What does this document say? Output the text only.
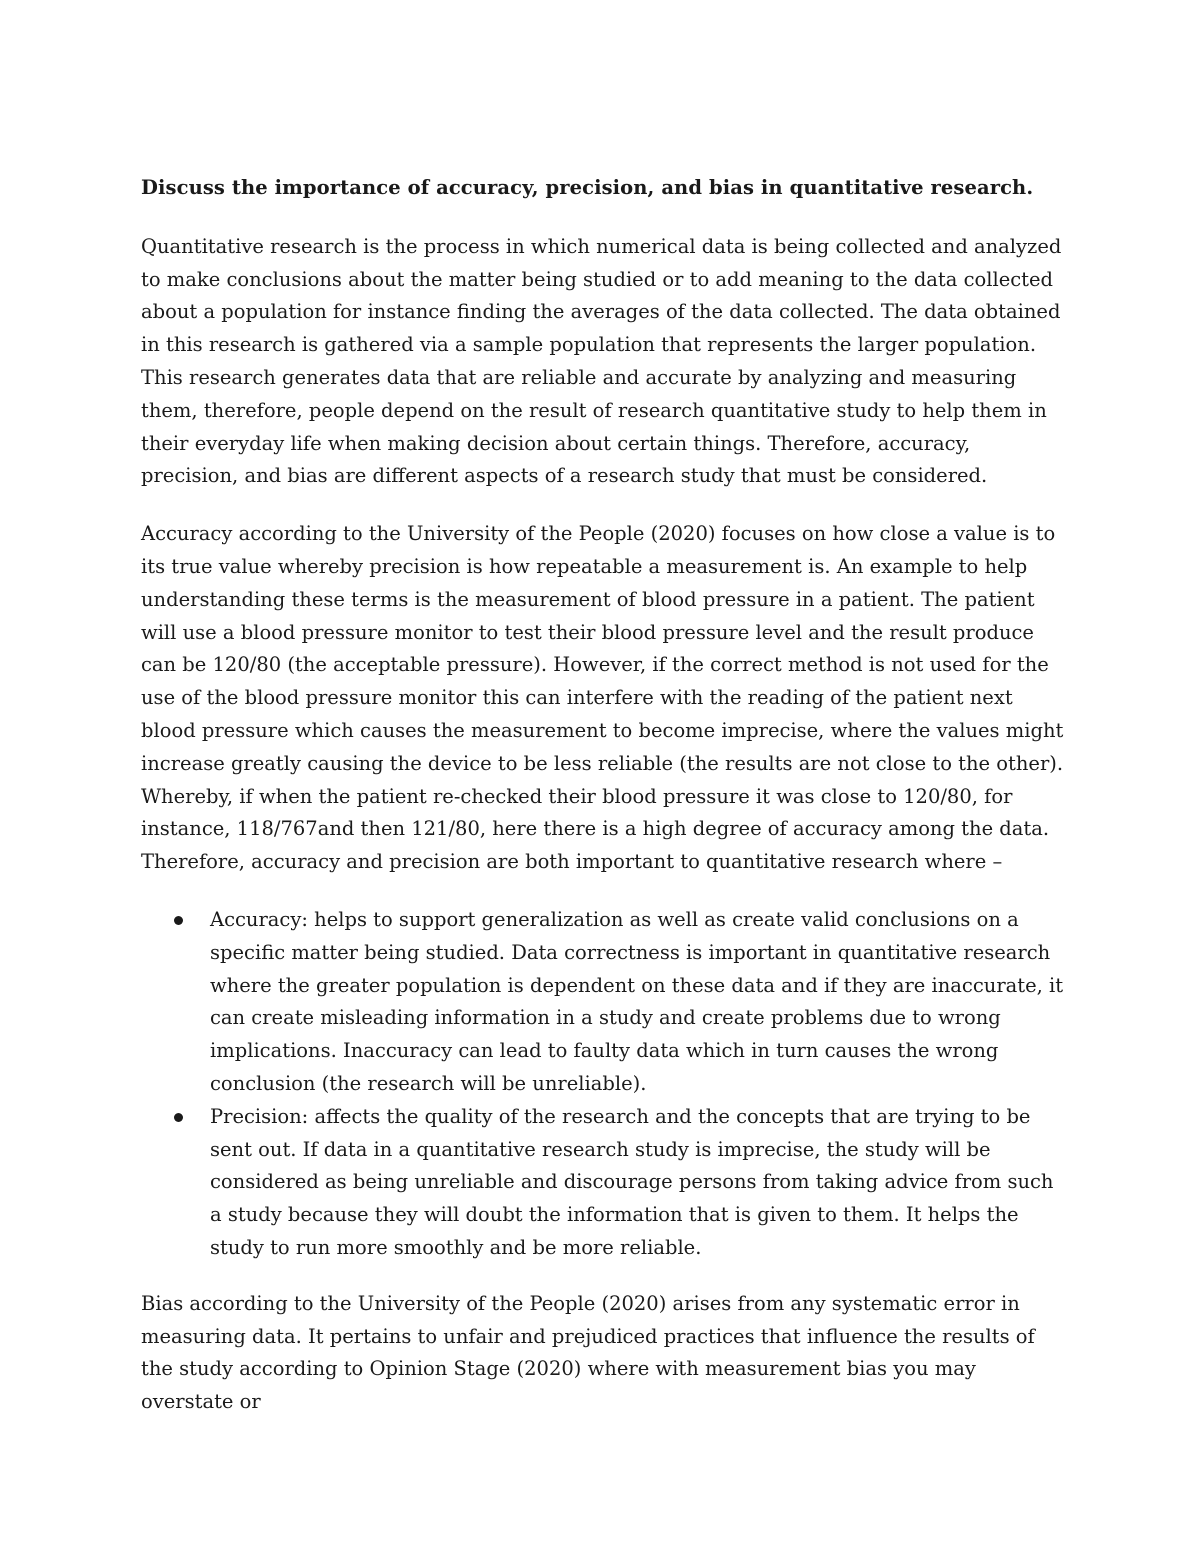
Discuss the importance of accuracy, precision, and bias in quantitative research.

Quantitative research is the process in which numerical data is being collected and analyzed to make conclusions about the matter being studied or to add meaning to the data collected about a population for instance finding the averages of the data collected. The data obtained in this research is gathered via a sample population that represents the larger population. This research generates data that are reliable and accurate by analyzing and measuring them, therefore, people depend on the result of research quantitative study to help them in their everyday life when making decision about certain things. Therefore, accuracy, precision, and bias are different aspects of a research study that must be considered.

Accuracy according to the University of the People (2020) focuses on how close a value is to its true value whereby precision is how repeatable a measurement is. An example to help understanding these terms is the measurement of blood pressure in a patient. The patient will use a blood pressure monitor to test their blood pressure level and the result produce can be 120/80 (the acceptable pressure). However, if the correct method is not used for the use of the blood pressure monitor this can interfere with the reading of the patient next blood pressure which causes the measurement to become imprecise, where the values might increase greatly causing the device to be less reliable (the results are not close to the other). Whereby, if when the patient re-checked their blood pressure it was close to 120/80, for instance, 118/767and then 121/80, here there is a high degree of accuracy among the data. Therefore, accuracy and precision are both important to quantitative research where –

Accuracy: helps to support generalization as well as create valid conclusions on a specific matter being studied. Data correctness is important in quantitative research where the greater population is dependent on these data and if they are inaccurate, it can create misleading information in a study and create problems due to wrong implications. Inaccuracy can lead to faulty data which in turn causes the wrong conclusion (the research will be unreliable).
Precision: affects the quality of the research and the concepts that are trying to be sent out. If data in a quantitative research study is imprecise, the study will be considered as being unreliable and discourage persons from taking advice from such a study because they will doubt the information that is given to them. It helps the study to run more smoothly and be more reliable.

Bias according to the University of the People (2020) arises from any systematic error in measuring data. It pertains to unfair and prejudiced practices that influence the results of the study according to Opinion Stage (2020) where with measurement bias you may overstate or
